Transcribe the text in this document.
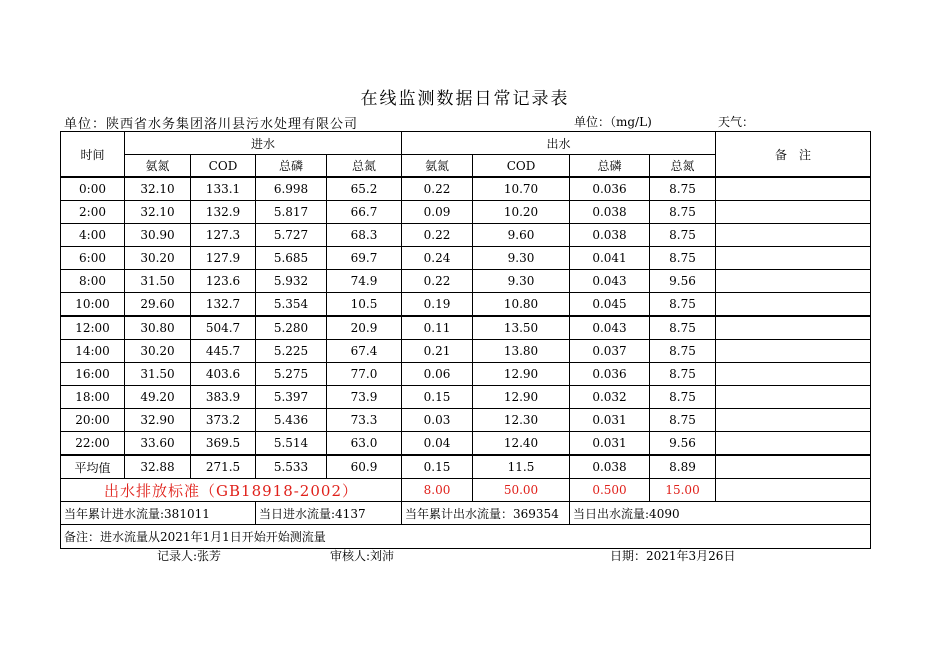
在线监测数据日常记录表
单位：陕西省水务集团洛川县污水处理有限公司	单位：（mg/L)	天气：
时间	进水				出水				备　注
	氨氮	COD	总磷	总氮	氨氮	COD	总磷	总氮	
0:00	32.10	133.1	6.998	65.2	0.22	10.70	0.036	8.75	
2:00	32.10	132.9	5.817	66.7	0.09	10.20	0.038	8.75	
4:00	30.90	127.3	5.727	68.3	0.22	9.60	0.038	8.75	
6:00	30.20	127.9	5.685	69.7	0.24	9.30	0.041	8.75	
8:00	31.50	123.6	5.932	74.9	0.22	9.30	0.043	9.56	
10:00	29.60	132.7	5.354	10.5	0.19	10.80	0.045	8.75	
12:00	30.80	504.7	5.280	20.9	0.11	13.50	0.043	8.75	
14:00	30.20	445.7	5.225	67.4	0.21	13.80	0.037	8.75	
16:00	31.50	403.6	5.275	77.0	0.06	12.90	0.036	8.75	
18:00	49.20	383.9	5.397	73.9	0.15	12.90	0.032	8.75	
20:00	32.90	373.2	5.436	73.3	0.03	12.30	0.031	8.75	
22:00	33.60	369.5	5.514	63.0	0.04	12.40	0.031	9.56	
平均值	32.88	271.5	5.533	60.9	0.15	11.5	0.038	8.89	
出水排放标准（GB18918-2002）					8.00	50.00	0.500	15.00	
当年累计进水流量:381011			当日进水流量:4137		当年累计出水流量：369354		当日出水流量:4090		
备注：进水流量从2021年1月1日开始开始测流量									
记录人:张芳	审核人:刘沛	日期：2021年3月26日
